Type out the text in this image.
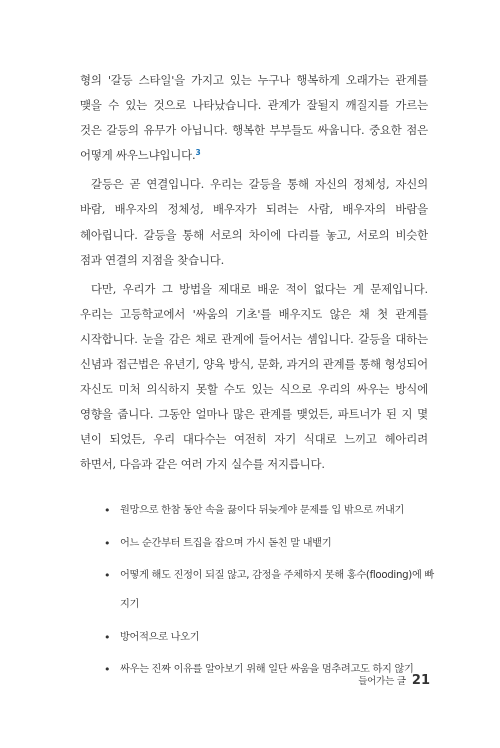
형의 '갈등 스타일'을 가지고 있는 누구나 행복하게 오래가는 관계를 맺을 수 있는 것으로 나타났습니다. 관계가 잘될지 깨질지를 가르는 것은 갈등의 유무가 아닙니다. 행복한 부부들도 싸웁니다. 중요한 점은 어떻게 싸우느냐입니다.$^3$

갈등은 곧 연결입니다. 우리는 갈등을 통해 자신의 정체성, 자신의 바람, 배우자의 정체성, 배우자가 되려는 사람, 배우자의 바람을 헤아립니다. 갈등을 통해 서로의 차이에 다리를 놓고, 서로의 비슷한 점과 연결의 지점을 찾습니다.

다만, 우리가 그 방법을 제대로 배운 적이 없다는 게 문제입니다. 우리는 고등학교에서 '싸움의 기초'를 배우지도 않은 채 첫 관계를 시작합니다. 눈을 감은 채로 관계에 들어서는 셈입니다. 갈등을 대하는 신념과 접근법은 유년기, 양육 방식, 문화, 과거의 관계를 통해 형성되어 자신도 미처 의식하지 못할 수도 있는 식으로 우리의 싸우는 방식에 영향을 줍니다. 그동안 얼마나 많은 관계를 맺었든, 파트너가 된 지 몇 년이 되었든, 우리 대다수는 여전히 자기 식대로 느끼고 헤아리려 하면서, 다음과 같은 여러 가지 실수를 저지릅니다.

• 원망으로 한참 동안 속을 끓이다 뒤늦게야 문제를 입 밖으로 꺼내기
• 어느 순간부터 트집을 잡으며 가시 돋친 말 내뱉기
• 어떻게 해도 진정이 되질 않고, 감정을 주체하지 못해 홍수(flooding)에 빠지기
• 방어적으로 나오기
• 싸우는 진짜 이유를 알아보기 위해 일단 싸움을 멈추려고도 하지 않기
들어가는 글 21
